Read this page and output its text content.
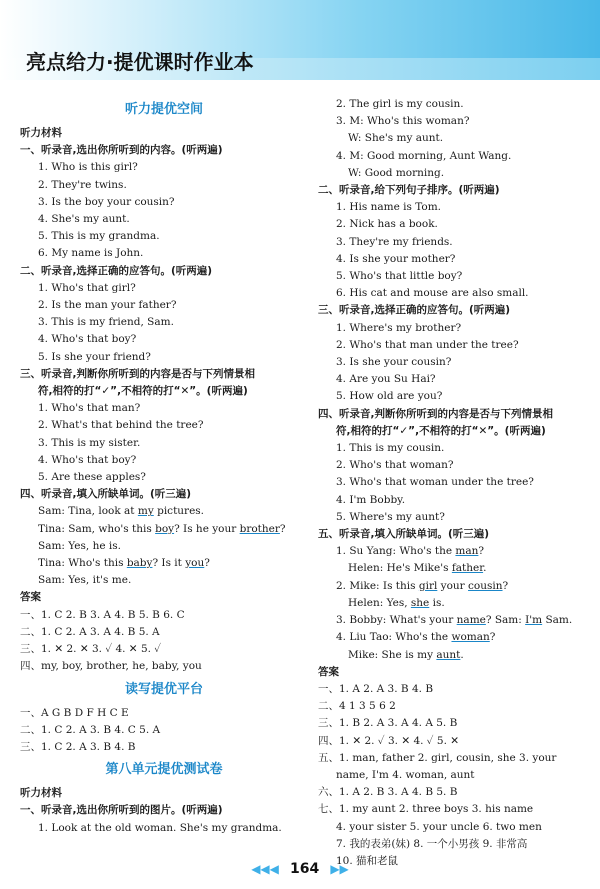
亮点给力·提优课时作业本
听力提优空间
听力材料
一、听录音,选出你所听到的内容。(听两遍)
1. Who is this girl?
2. They're twins.
3. Is the boy your cousin?
4. She's my aunt.
5. This is my grandma.
6. My name is John.
二、听录音,选择正确的应答句。(听两遍)
1. Who's that girl?
2. Is the man your father?
3. This is my friend, Sam.
4. Who's that boy?
5. Is she your friend?
三、听录音,判断你所听到的内容是否与下列情景相
符,相符的打“✓”,不相符的打“✕”。(听两遍)
1. Who's that man?
2. What's that behind the tree?
3. This is my sister.
4. Who's that boy?
5. Are these apples?
四、听录音,填入所缺单词。(听三遍)
Sam: Tina, look at my pictures.
Tina: Sam, who's this boy? Is he your brother?
Sam: Yes, he is.
Tina: Who's this baby? Is it you?
Sam: Yes, it's me.
答案
一、1. C 2. B 3. A 4. B 5. B 6. C
二、1. C 2. A 3. A 4. B 5. A
三、1. ✕ 2. ✕ 3. ✓ 4. ✕ 5. ✓
四、my, boy, brother, he, baby, you
读写提优平台
一、A G B D F H C E
二、1. C 2. A 3. B 4. C 5. A
三、1. C 2. A 3. B 4. B
第八单元提优测试卷
听力材料
一、听录音,选出你所听到的图片。(听两遍)
1. Look at the old woman. She's my grandma.
2. The girl is my cousin.
3. M: Who's this woman?
W: She's my aunt.
4. M: Good morning, Aunt Wang.
W: Good morning.
二、听录音,给下列句子排序。(听两遍)
1. His name is Tom.
2. Nick has a book.
3. They're my friends.
4. Is she your mother?
5. Who's that little boy?
6. His cat and mouse are also small.
三、听录音,选择正确的应答句。(听两遍)
1. Where's my brother?
2. Who's that man under the tree?
3. Is she your cousin?
4. Are you Su Hai?
5. How old are you?
四、听录音,判断你所听到的内容是否与下列情景相
符,相符的打“✓”,不相符的打“✕”。(听两遍)
1. This is my cousin.
2. Who's that woman?
3. Who's that woman under the tree?
4. I'm Bobby.
5. Where's my aunt?
五、听录音,填入所缺单词。(听三遍)
1. Su Yang: Who's the man?
Helen: He's Mike's father.
2. Mike: Is this girl your cousin?
Helen: Yes, she is.
3. Bobby: What's your name? Sam: I'm Sam.
4. Liu Tao: Who's the woman?
Mike: She is my aunt.
答案
一、1. A 2. A 3. B 4. B
二、4 1 3 5 6 2
三、1. B 2. A 3. A 4. A 5. B
四、1. ✕ 2. ✓ 3. ✕ 4. ✓ 5. ✕
五、1. man, father 2. girl, cousin, she 3. your
name, I'm 4. woman, aunt
六、1. A 2. B 3. A 4. B 5. B
七、1. my aunt 2. three boys 3. his name
4. your sister 5. your uncle 6. two men
7. 我的表弟(妹) 8. 一个小男孩 9. 非常高
10. 猫和老鼠
◀◀◀ 164 ▶▶
